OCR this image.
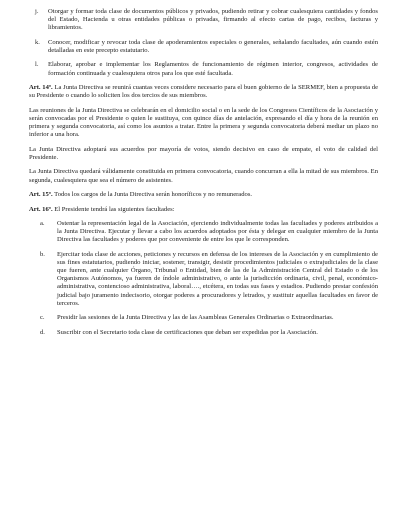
j. Otorgar y formar toda clase de documentos públicos y privados, pudiendo retirar y cobrar cualesquiera cantidades y fondos del Estado, Hacienda u otras entidades públicas o privadas, firmando al efecto cartas de pago, recibos, facturas y libramientos.
k. Conocer, modificar y revocar toda clase de apoderamientos especiales o generales, señalando facultades, aún cuando estén detalladas en este precepto estatutario.
l. Elaborar, aprobar e implementar los Reglamentos de funcionamiento de régimen interior, congresos, actividades de formación continuada y cualesquiera otros para los que esté facultada.

Art. 14º. La Junta Directiva se reunirá cuantas veces considere necesario para el buen gobierno de la SERMEF, bien a propuesta de su Presidente o cuando lo soliciten los dos tercios de sus miembros.

Las reuniones de la Junta Directiva se celebrarán en el domicilio social o en la sede de los Congresos Científicos de la Asociación y serán convocadas por el Presidente o quien le sustituya, con quince días de antelación, expresando el día y hora de la reunión en primera y segunda convocatoria, así como los asuntos a tratar. Entre la primera y segunda convocatoria deberá mediar un plazo no inferior a una hora.

La Junta Directiva adoptará sus acuerdos por mayoría de votos, siendo decisivo en caso de empate, el voto de calidad del Presidente.

La Junta Directiva quedará válidamente constituida en primera convocatoria, cuando concurran a ella la mitad de sus miembros. En segunda, cualesquiera que sea el número de asistentes.

Art. 15º. Todos los cargos de la Junta Directiva serán honoríficos y no remunerados.

Art. 16º. El Presidente tendrá las siguientes facultades:

a. Ostentar la representación legal de la Asociación, ejerciendo individualmente todas las facultades y poderes atribuidos a la Junta Directiva. Ejecutar y llevar a cabo los acuerdos adoptados por ésta y delegar en cualquier miembro de la Junta Directiva las facultades y poderes que por conveniente de entre los que le corresponden.
b. Ejercitar toda clase de acciones, peticiones y recursos en defensa de los intereses de la Asociación y en cumplimiento de sus fines estatutarios, pudiendo iniciar, sostener, transigir, desistir procedimientos judiciales o extrajudiciales de la clase que fueren, ante cualquier Órgano, Tribunal o Entidad, bien de las de la Administración Central del Estado o de los Organismos Autónomos, ya fueren de índole administrativo, o ante la jurisdicción ordinaria, civil, penal, económico-administrativa, contencioso administrativa, laboral…., etcétera, en todas sus fases y estadios. Pudiendo prestar confesión judicial bajo juramento indecisorio, otorgar poderes a procuradores y letrados, y sustituir aquellas facultades en favor de terceros.
c. Presidir las sesiones de la Junta Directiva y las de las Asambleas Generales Ordinarias o Extraordinarias.
d. Suscribir con el Secretario toda clase de certificaciones que deban ser expedidas por la Asociación.
